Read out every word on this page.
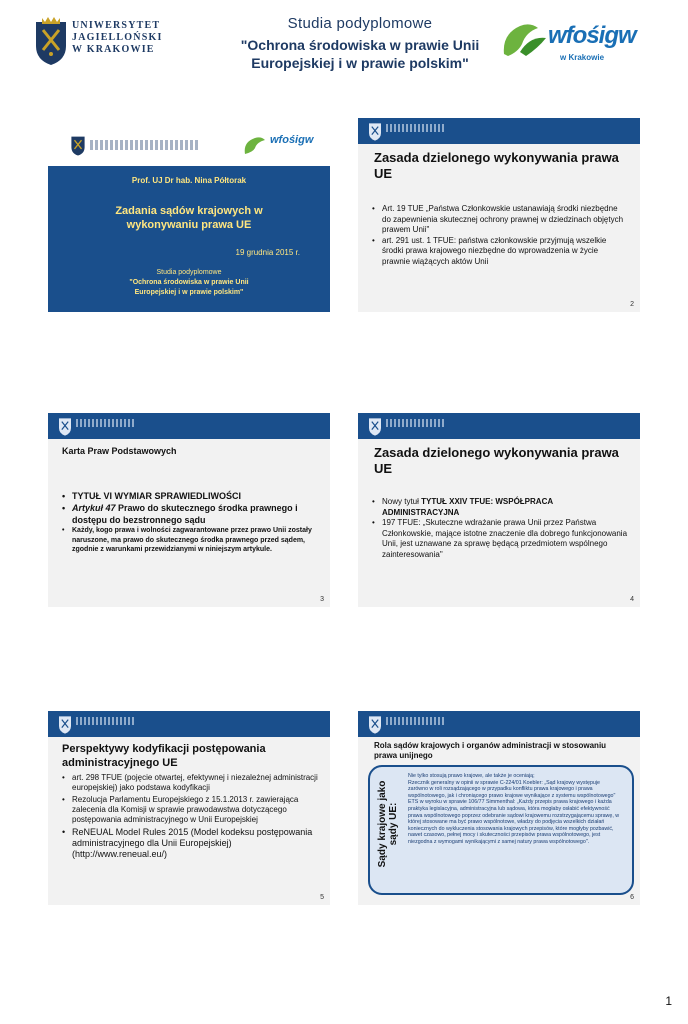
UNIWERSYTET
JAGIELLOŃSKI
W KRAKOWIE
Studia podyplomowe
"Ochrona środowiska w prawie Unii
Europejskiej i w prawie polskim"
wfośigw
w Krakowie
wfośigw
Prof. UJ Dr hab. Nina Półtorak
Zadania sądów krajowych w wykonywaniu prawa UE
19 grudnia 2015 r.
Studia podyplomowe
"Ochrona środowiska w prawie Unii
Europejskiej i w prawie polskim"
Zasada dzielonego wykonywania prawa UE
• Art. 19 TUE „Państwa Członkowskie ustanawiają środki niezbędne do zapewnienia skutecznej ochrony prawnej w dziedzinach objętych prawem Unii"
• art. 291 ust. 1 TFUE: państwa członkowskie przyjmują wszelkie środki prawa krajowego niezbędne do wprowadzenia w życie prawnie wiążących aktów Unii
2
Karta Praw Podstawowych
• TYTUŁ VI WYMIAR SPRAWIEDLIWOŚCI
• Artykuł 47 Prawo do skutecznego środka prawnego i dostępu do bezstronnego sądu
• Każdy, kogo prawa i wolności zagwarantowane przez prawo Unii zostały naruszone, ma prawo do skutecznego środka prawnego przed sądem, zgodnie z warunkami przewidzianymi w niniejszym artykule.
3
Zasada dzielonego wykonywania prawa UE
• Nowy tytuł TYTUŁ XXIV TFUE: WSPÓŁPRACA ADMINISTRACYJNA
• 197 TFUE: „Skuteczne wdrażanie prawa Unii przez Państwa Członkowskie, mające istotne znaczenie dla dobrego funkcjonowania Unii, jest uznawane za sprawę będącą przedmiotem wspólnego zainteresowania"
4
Perspektywy kodyfikacji postępowania administracyjnego UE
• art. 298 TFUE (pojęcie otwartej, efektywnej i niezależnej administracji europejskiej) jako podstawa kodyfikacji
• Rezolucja Parlamentu Europejskiego z 15.1.2013 r. zawierająca zalecenia dla Komisji w sprawie prawodawstwa dotyczącego postępowania administracyjnego w Unii Europejskiej
• ReNEUAL Model Rules 2015 (Model kodeksu postępowania administracyjnego dla Unii Europejskiej) (http://www.reneual.eu/)
5
Rola sądów krajowych i organów administracji w stosowaniu prawa unijnego
Sądy krajowe jako sądy UE:
Nie tylko stosują prawo krajowe, ale także je oceniają;
Rzecznik generalny w opinii w sprawie C-224/01 Koebler: „Sąd krajowy występuje zarówno w roli rozsądzającego w przypadku konfliktu prawa krajowego i prawa wspólnotowego, jak i chroniącego prawo krajowe wynikające z systemu wspólnotowego"
ETS w wyroku w sprawie 106/77 Simmenthal: „Każdy przepis prawa krajowego i każda praktyka legislacyjna, administracyjna lub sądowa, która mogłaby osłabić efektywność prawa wspólnotowego poprzez odebranie sądowi krajowemu rozstrzygającemu sprawę, w której stosowane ma być prawo wspólnotowe, władzy do podjęcia wszelkich działań koniecznych do wykluczenia stosowania krajowych przepisów, które mogłyby pozbawić, nawet czasowo, pełnej mocy i skuteczności przepisów prawa wspólnotowego, jest niezgodna z wymogami wynikającymi z samej natury prawa wspólnotowego".
6
1
